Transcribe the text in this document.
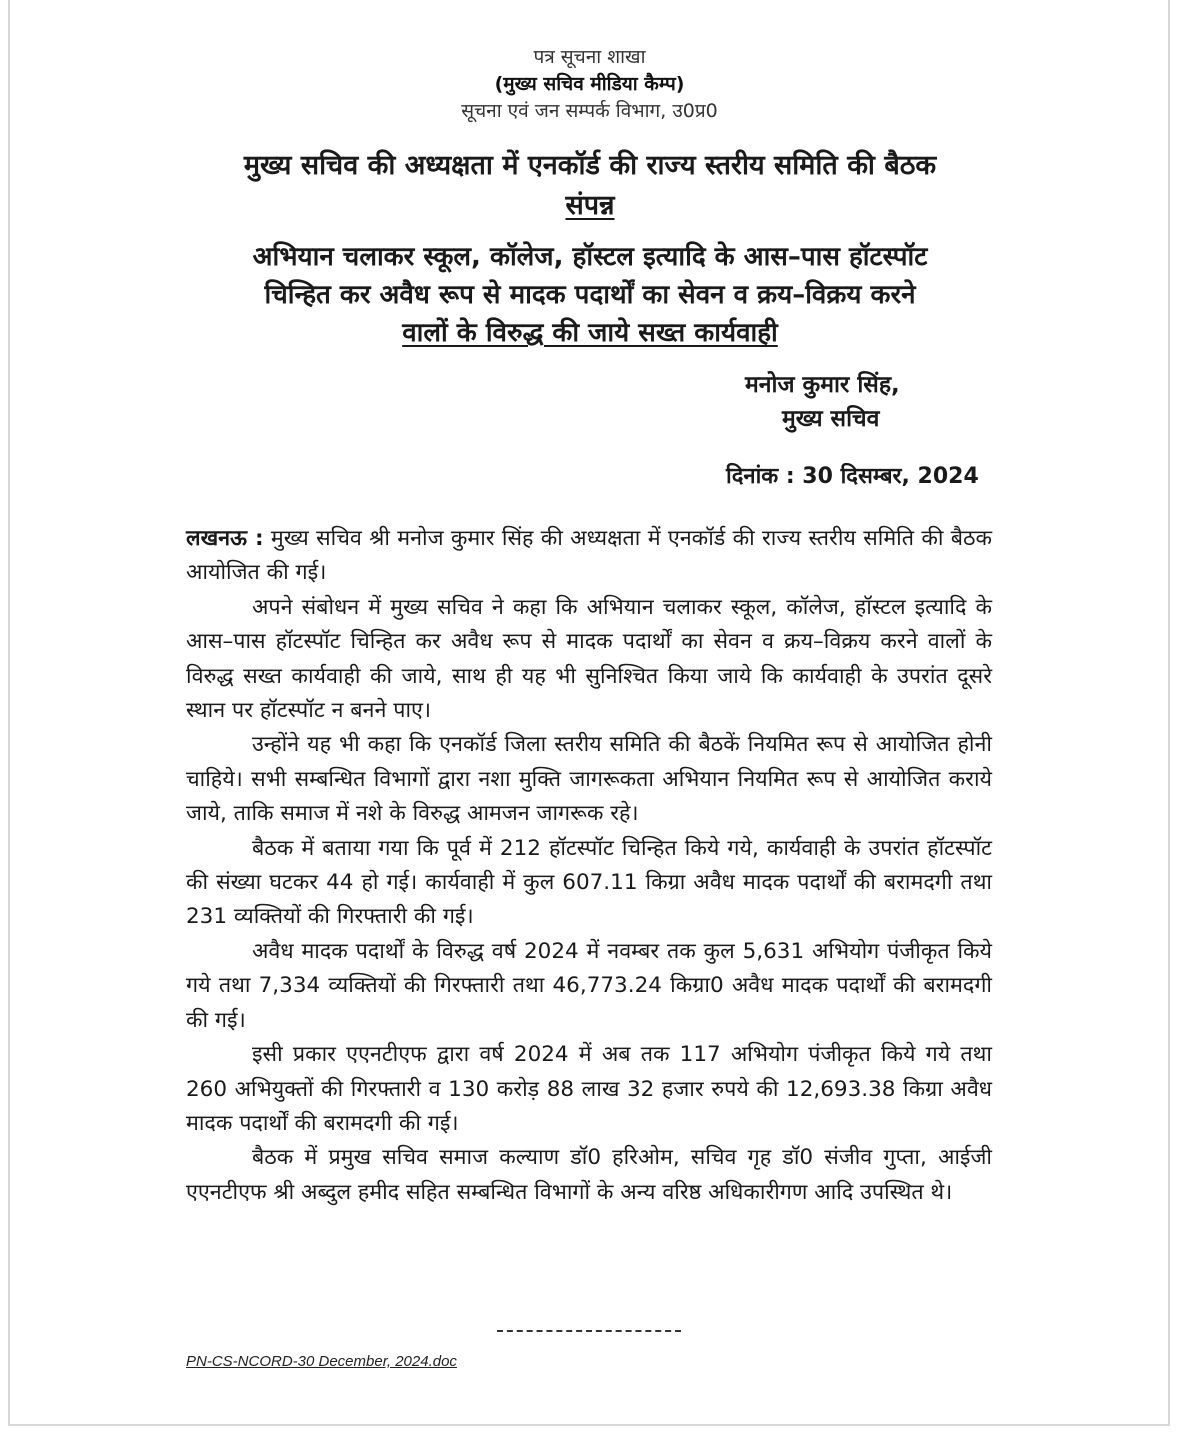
पत्र सूचना शाखा
(मुख्य सचिव मीडिया कैम्प)
सूचना एवं जन सम्पर्क विभाग, उ0प्र0
मुख्य सचिव की अध्यक्षता में एनकॉर्ड की राज्य स्तरीय समिति की बैठक
संपन्न
अभियान चलाकर स्कूल, कॉलेज, हॉस्टल इत्यादि के आस–पास हॉटस्पॉट
चिन्हित कर अवैध रूप से मादक पदार्थों का सेवन व क्रय–विक्रय करने
वालों के विरुद्ध की जाये सख्त कार्यवाही
मनोज कुमार सिंह,
मुख्य सचिव
दिनांक : 30 दिसम्बर, 2024

लखनऊ : मुख्य सचिव श्री मनोज कुमार सिंह की अध्यक्षता में एनकॉर्ड की राज्य स्तरीय समिति की बैठक आयोजित की गई।

अपने संबोधन में मुख्य सचिव ने कहा कि अभियान चलाकर स्कूल, कॉलेज, हॉस्टल इत्यादि के आस–पास हॉटस्पॉट चिन्हित कर अवैध रूप से मादक पदार्थों का सेवन व क्रय–विक्रय करने वालों के विरुद्ध सख्त कार्यवाही की जाये, साथ ही यह भी सुनिश्चित किया जाये कि कार्यवाही के उपरांत दूसरे स्थान पर हॉटस्पॉट न बनने पाए।

उन्होंने यह भी कहा कि एनकॉर्ड जिला स्तरीय समिति की बैठकें नियमित रूप से आयोजित होनी चाहिये। सभी सम्बन्धित विभागों द्वारा नशा मुक्ति जागरूकता अभियान नियमित रूप से आयोजित कराये जाये, ताकि समाज में नशे के विरुद्ध आमजन जागरूक रहे।

बैठक में बताया गया कि पूर्व में 212 हॉटस्पॉट चिन्हित किये गये, कार्यवाही के उपरांत हॉटस्पॉट की संख्या घटकर 44 हो गई। कार्यवाही में कुल 607.11 किग्रा अवैध मादक पदार्थों की बरामदगी तथा 231 व्यक्तियों की गिरफ्तारी की गई।

अवैध मादक पदार्थों के विरुद्ध वर्ष 2024 में नवम्बर तक कुल 5,631 अभियोग पंजीकृत किये गये तथा 7,334 व्यक्तियों की गिरफ्तारी तथा 46,773.24 किग्रा0 अवैध मादक पदार्थों की बरामदगी की गई।

इसी प्रकार एएनटीएफ द्वारा वर्ष 2024 में अब तक 117 अभियोग पंजीकृत किये गये तथा 260 अभियुक्तों की गिरफ्तारी व 130 करोड़ 88 लाख 32 हजार रुपये की 12,693.38 किग्रा अवैध मादक पदार्थों की बरामदगी की गई।

बैठक में प्रमुख सचिव समाज कल्याण डॉ0 हरिओम, सचिव गृह डॉ0 संजीव गुप्ता, आईजी एएनटीएफ श्री अब्दुल हमीद सहित सम्बन्धित विभागों के अन्य वरिष्ठ अधिकारीगण आदि उपस्थित थे।

PN-CS-NCORD-30 December, 2024.doc
